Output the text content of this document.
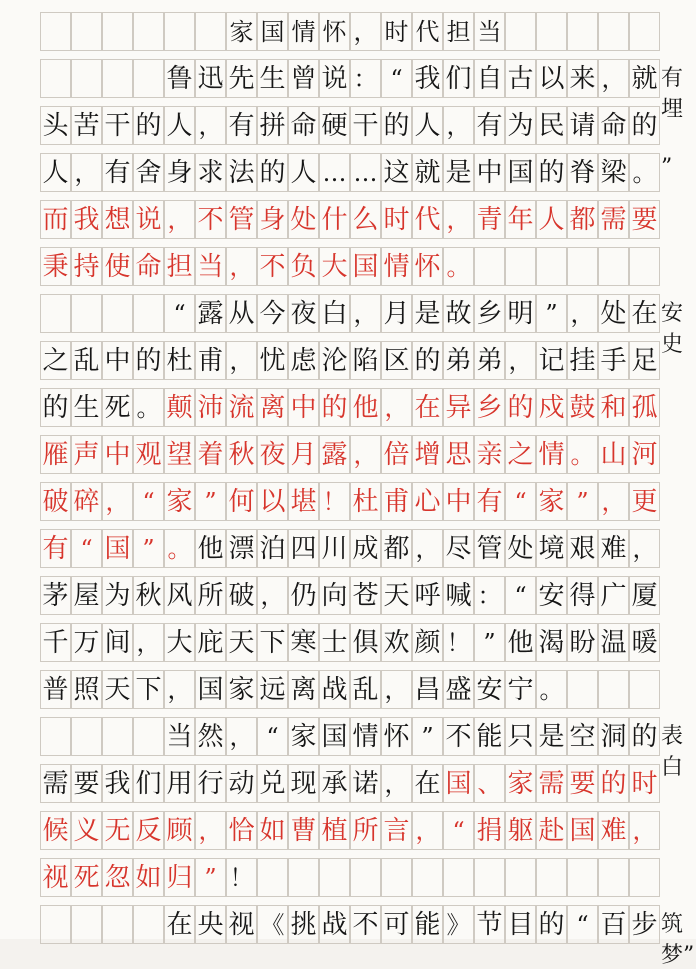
家 国 情 怀 ， 时 代 担 当
鲁 迅 先 生 曾 说 ： “ 我 们 自 古 以 来 ， 就 有埋
头 苦 干 的 人 ， 有 拼 命 硬 干 的 人 ， 有 为 民 请 命 的
人 ， 有 舍 身 求 法 的 人 … … 这 就 是 中 国 的 脊 梁 。 ”
而 我 想 说 ， 不 管 身 处 什 么 时 代 ， 青 年 人 都 需 要
秉 持 使 命 担 当 ， 不 负 大 国 情 怀 。
“ 露 从 今 夜 白 ， 月 是 故 乡 明 ” ， 处 在 安史
之 乱 中 的 杜 甫 ， 忧 虑 沦 陷 区 的 弟 弟 ， 记 挂 手 足
的 生 死 。 颠 沛 流 离 中 的 他 ， 在 异 乡 的 戍 鼓 和 孤
雁 声 中 观 望 着 秋 夜 月 露 ， 倍 增 思 亲 之 情 。 山 河
破 碎 ， “ 家 ” 何 以 堪 ！ 杜 甫 心 中 有 “ 家 ” ， 更
有 “ 国 ” 。 他 漂 泊 四 川 成 都 ， 尽 管 处 境 艰 难 ，
茅 屋 为 秋 风 所 破 ， 仍 向 苍 天 呼 喊 ： “ 安 得 广 厦
千 万 间 ， 大 庇 天 下 寒 士 俱 欢 颜 ！ ” 他 渴 盼 温 暖
普 照 天 下 ， 国 家 远 离 战 乱 ， 昌 盛 安 宁 。
当 然 ， “ 家 国 情 怀 ” 不 能 只 是 空 洞 的 表白
需 要 我 们 用 行 动 兑 现 承 诺 ， 在 国 、 家 需 要 的 时
候 义 无 反 顾 ， 恰 如 曹 植 所 言 ， “ 捐 躯 赴 国 难 ，
视 死 忽 如 归 ” ！
在 央 视 《 挑 战 不 可 能 》 节 目 的 “ 百 步 筑梦”
